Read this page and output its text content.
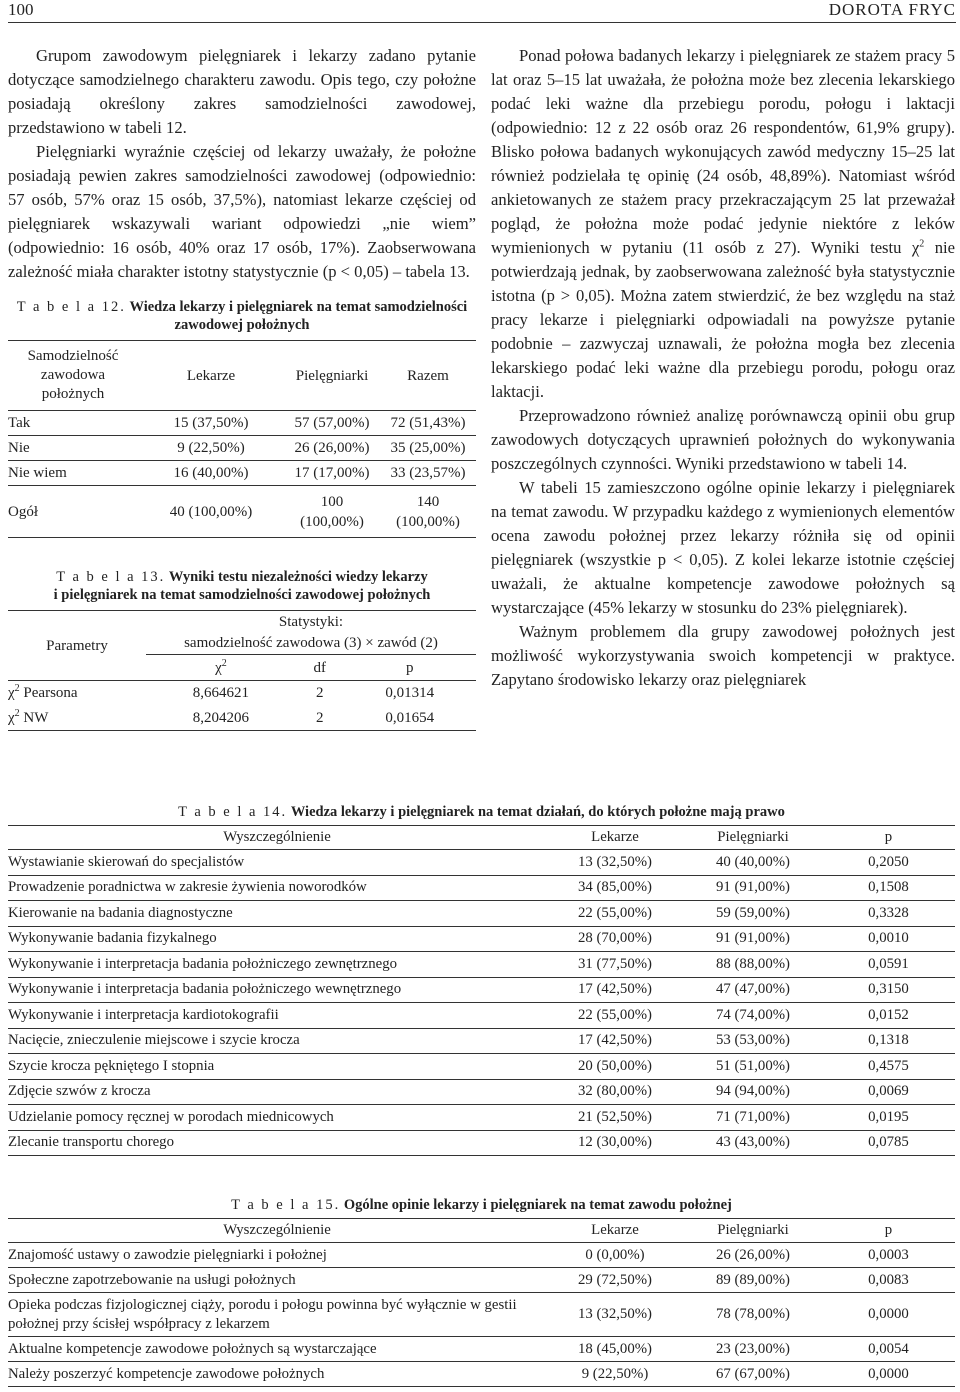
100	DOROTA FRYC

Grupom zawodowym pielęgniarek i lekarzy zadano pytanie dotyczące samodzielnego charakteru zawodu. Opis tego, czy położne posiadają określony zakres samodzielności zawodowej, przedstawiono w tabeli 12.

Pielęgniarki wyraźnie częściej od lekarzy uważały, że położne posiadają pewien zakres samodzielności zawodowej (odpowiednio: 57 osób, 57% oraz 15 osób, 37,5%), natomiast lekarze częściej od pielęgniarek wskazywali wariant odpowiedzi „nie wiem” (odpowiednio: 16 osób, 40% oraz 17 osób, 17%). Zaobserwowana zależność miała charakter istotny statystycznie (p < 0,05) – tabela 13.

T a b e l a 12. Wiedza lekarzy i pielęgniarek na temat samodzielności
zawodowej położnych
Samodzielność zawodowa położnych	Lekarze	Pielęgniarki	Razem
Tak	15 (37,50%)	57 (57,00%)	72 (51,43%)
Nie	9 (22,50%)	26 (26,00%)	35 (25,00%)
Nie wiem	16 (40,00%)	17 (17,00%)	33 (23,57%)
Ogół	40 (100,00%)	100 (100,00%)	140 (100,00%)
T a b e l a 13. Wyniki testu niezależności wiedzy lekarzy
i pielęgniarek na temat samodzielności zawodowej położnych
Parametry	Statystyki:
samodzielność zawodowa (3) × zawód (2)		
	$\chi^2$	df	p
$\chi^2$ Pearsona	8,664621	2	0,01314
$\chi^2$ NW	8,204206	2	0,01654

Ponad połowa badanych lekarzy i pielęgniarek ze stażem pracy 5 lat oraz 5–15 lat uważała, że położna może bez zlecenia lekarskiego podać leki ważne dla przebiegu porodu, połogu i laktacji (odpowiednio: 12 z 22 osób oraz 26 respondentów, 61,9% grupy). Blisko połowa badanych wykonujących zawód medyczny 15–25 lat również podzielała tę opinię (24 osób, 48,89%). Natomiast wśród ankietowanych ze stażem pracy przekraczającym 25 lat przeważał pogląd, że położna może podać jedynie niektóre z leków wymienionych w pytaniu (11 osób z 27). Wyniki testu $\chi^2$ nie potwierdzają jednak, by zaobserwowana zależność była statystycznie istotna (p > 0,05). Można zatem stwierdzić, że bez względu na staż pracy lekarze i pielęgniarki odpowiadali na powyższe pytanie podobnie – zazwyczaj uznawali, że położna mogła bez zlecenia lekarskiego podać leki ważne dla przebiegu porodu, połogu oraz laktacji.

Przeprowadzono również analizę porównawczą opinii obu grup zawodowych dotyczących uprawnień położnych do wykonywania poszczególnych czynności. Wyniki przedstawiono w tabeli 14.

W tabeli 15 zamieszczono ogólne opinie lekarzy i pielęgniarek na temat zawodu. W przypadku każdego z wymienionych elementów ocena zawodu położnej przez lekarzy różniła się od opinii pielęgniarek (wszystkie p < 0,05). Z kolei lekarze istotnie częściej uważali, że aktualne kompetencje zawodowe położnych są wystarczające (45% lekarzy w stosunku do 23% pielęgniarek).

Ważnym problemem dla grupy zawodowej położnych jest możliwość wykorzystywania swoich kompetencji w praktyce. Zapytano środowisko lekarzy oraz pielęgniarek

T a b e l a 14. Wiedza lekarzy i pielęgniarek na temat działań, do których położne mają prawo
Wyszczególnienie	Lekarze	Pielęgniarki	p
Wystawianie skierowań do specjalistów	13 (32,50%)	40 (40,00%)	0,2050
Prowadzenie poradnictwa w zakresie żywienia noworodków	34 (85,00%)	91 (91,00%)	0,1508
Kierowanie na badania diagnostyczne	22 (55,00%)	59 (59,00%)	0,3328
Wykonywanie badania fizykalnego	28 (70,00%)	91 (91,00%)	0,0010
Wykonywanie i interpretacja badania położniczego zewnętrznego	31 (77,50%)	88 (88,00%)	0,0591
Wykonywanie i interpretacja badania położniczego wewnętrznego	17 (42,50%)	47 (47,00%)	0,3150
Wykonywanie i interpretacja kardiotokografii	22 (55,00%)	74 (74,00%)	0,0152
Nacięcie, znieczulenie miejscowe i szycie krocza	17 (42,50%)	53 (53,00%)	0,1318
Szycie krocza pękniętego I stopnia	20 (50,00%)	51 (51,00%)	0,4575
Zdjęcie szwów z krocza	32 (80,00%)	94 (94,00%)	0,0069
Udzielanie pomocy ręcznej w porodach miednicowych	21 (52,50%)	71 (71,00%)	0,0195
Zlecanie transportu chorego	12 (30,00%)	43 (43,00%)	0,0785
T a b e l a 15. Ogólne opinie lekarzy i pielęgniarek na temat zawodu położnej
Wyszczególnienie	Lekarze	Pielęgniarki	p
Znajomość ustawy o zawodzie pielęgniarki i położnej	0 (0,00%)	26 (26,00%)	0,0003
Społeczne zapotrzebowanie na usługi położnych	29 (72,50%)	89 (89,00%)	0,0083
Opieka podczas fizjologicznej ciąży, porodu i połogu powinna być wyłącznie w gestii położnej przy ścisłej współpracy z lekarzem	13 (32,50%)	78 (78,00%)	0,0000
Aktualne kompetencje zawodowe położnych są wystarczające	18 (45,00%)	23 (23,00%)	0,0054
Należy poszerzyć kompetencje zawodowe położnych	9 (22,50%)	67 (67,00%)	0,0000
